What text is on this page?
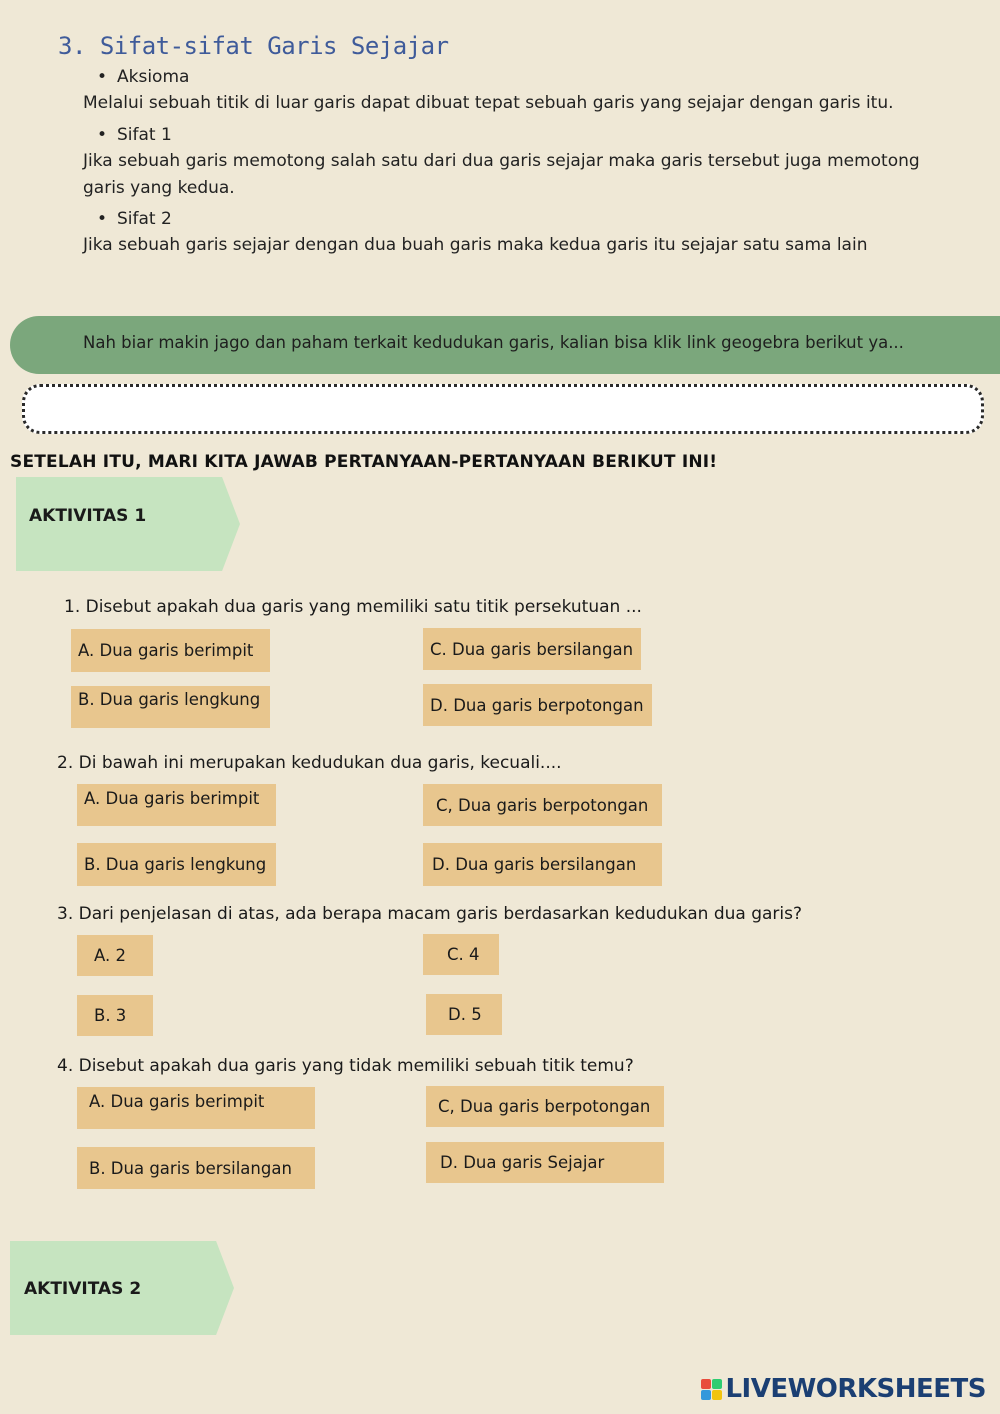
3. Sifat-sifat Garis Sejajar
• Aksioma
Melalui sebuah titik di luar garis dapat dibuat tepat sebuah garis yang sejajar dengan garis itu.
• Sifat 1
Jika sebuah garis memotong salah satu dari dua garis sejajar maka garis tersebut juga memotong
garis yang kedua.
• Sifat 2
Jika sebuah garis sejajar dengan dua buah garis maka kedua garis itu sejajar satu sama lain
Nah biar makin jago dan paham terkait kedudukan garis, kalian bisa klik link geogebra berikut ya...
SETELAH ITU, MARI KITA JAWAB PERTANYAAN-PERTANYAAN BERIKUT INI!
AKTIVITAS 1
1. Disebut apakah dua garis yang memiliki satu titik persekutuan ...
A. Dua garis berimpit
B. Dua garis lengkung
C. Dua garis bersilangan
D. Dua garis berpotongan
2. Di bawah ini merupakan kedudukan dua garis, kecuali....
A. Dua garis berimpit
B. Dua garis lengkung
C, Dua garis berpotongan
D. Dua garis bersilangan
3. Dari penjelasan di atas, ada berapa macam garis berdasarkan kedudukan dua garis?
A. 2
B. 3
C. 4
D. 5
4. Disebut apakah dua garis yang tidak memiliki sebuah titik temu?
A. Dua garis berimpit
B. Dua garis bersilangan
C, Dua garis berpotongan
D. Dua garis Sejajar
AKTIVITAS 2
LIVEWORKSHEETS
